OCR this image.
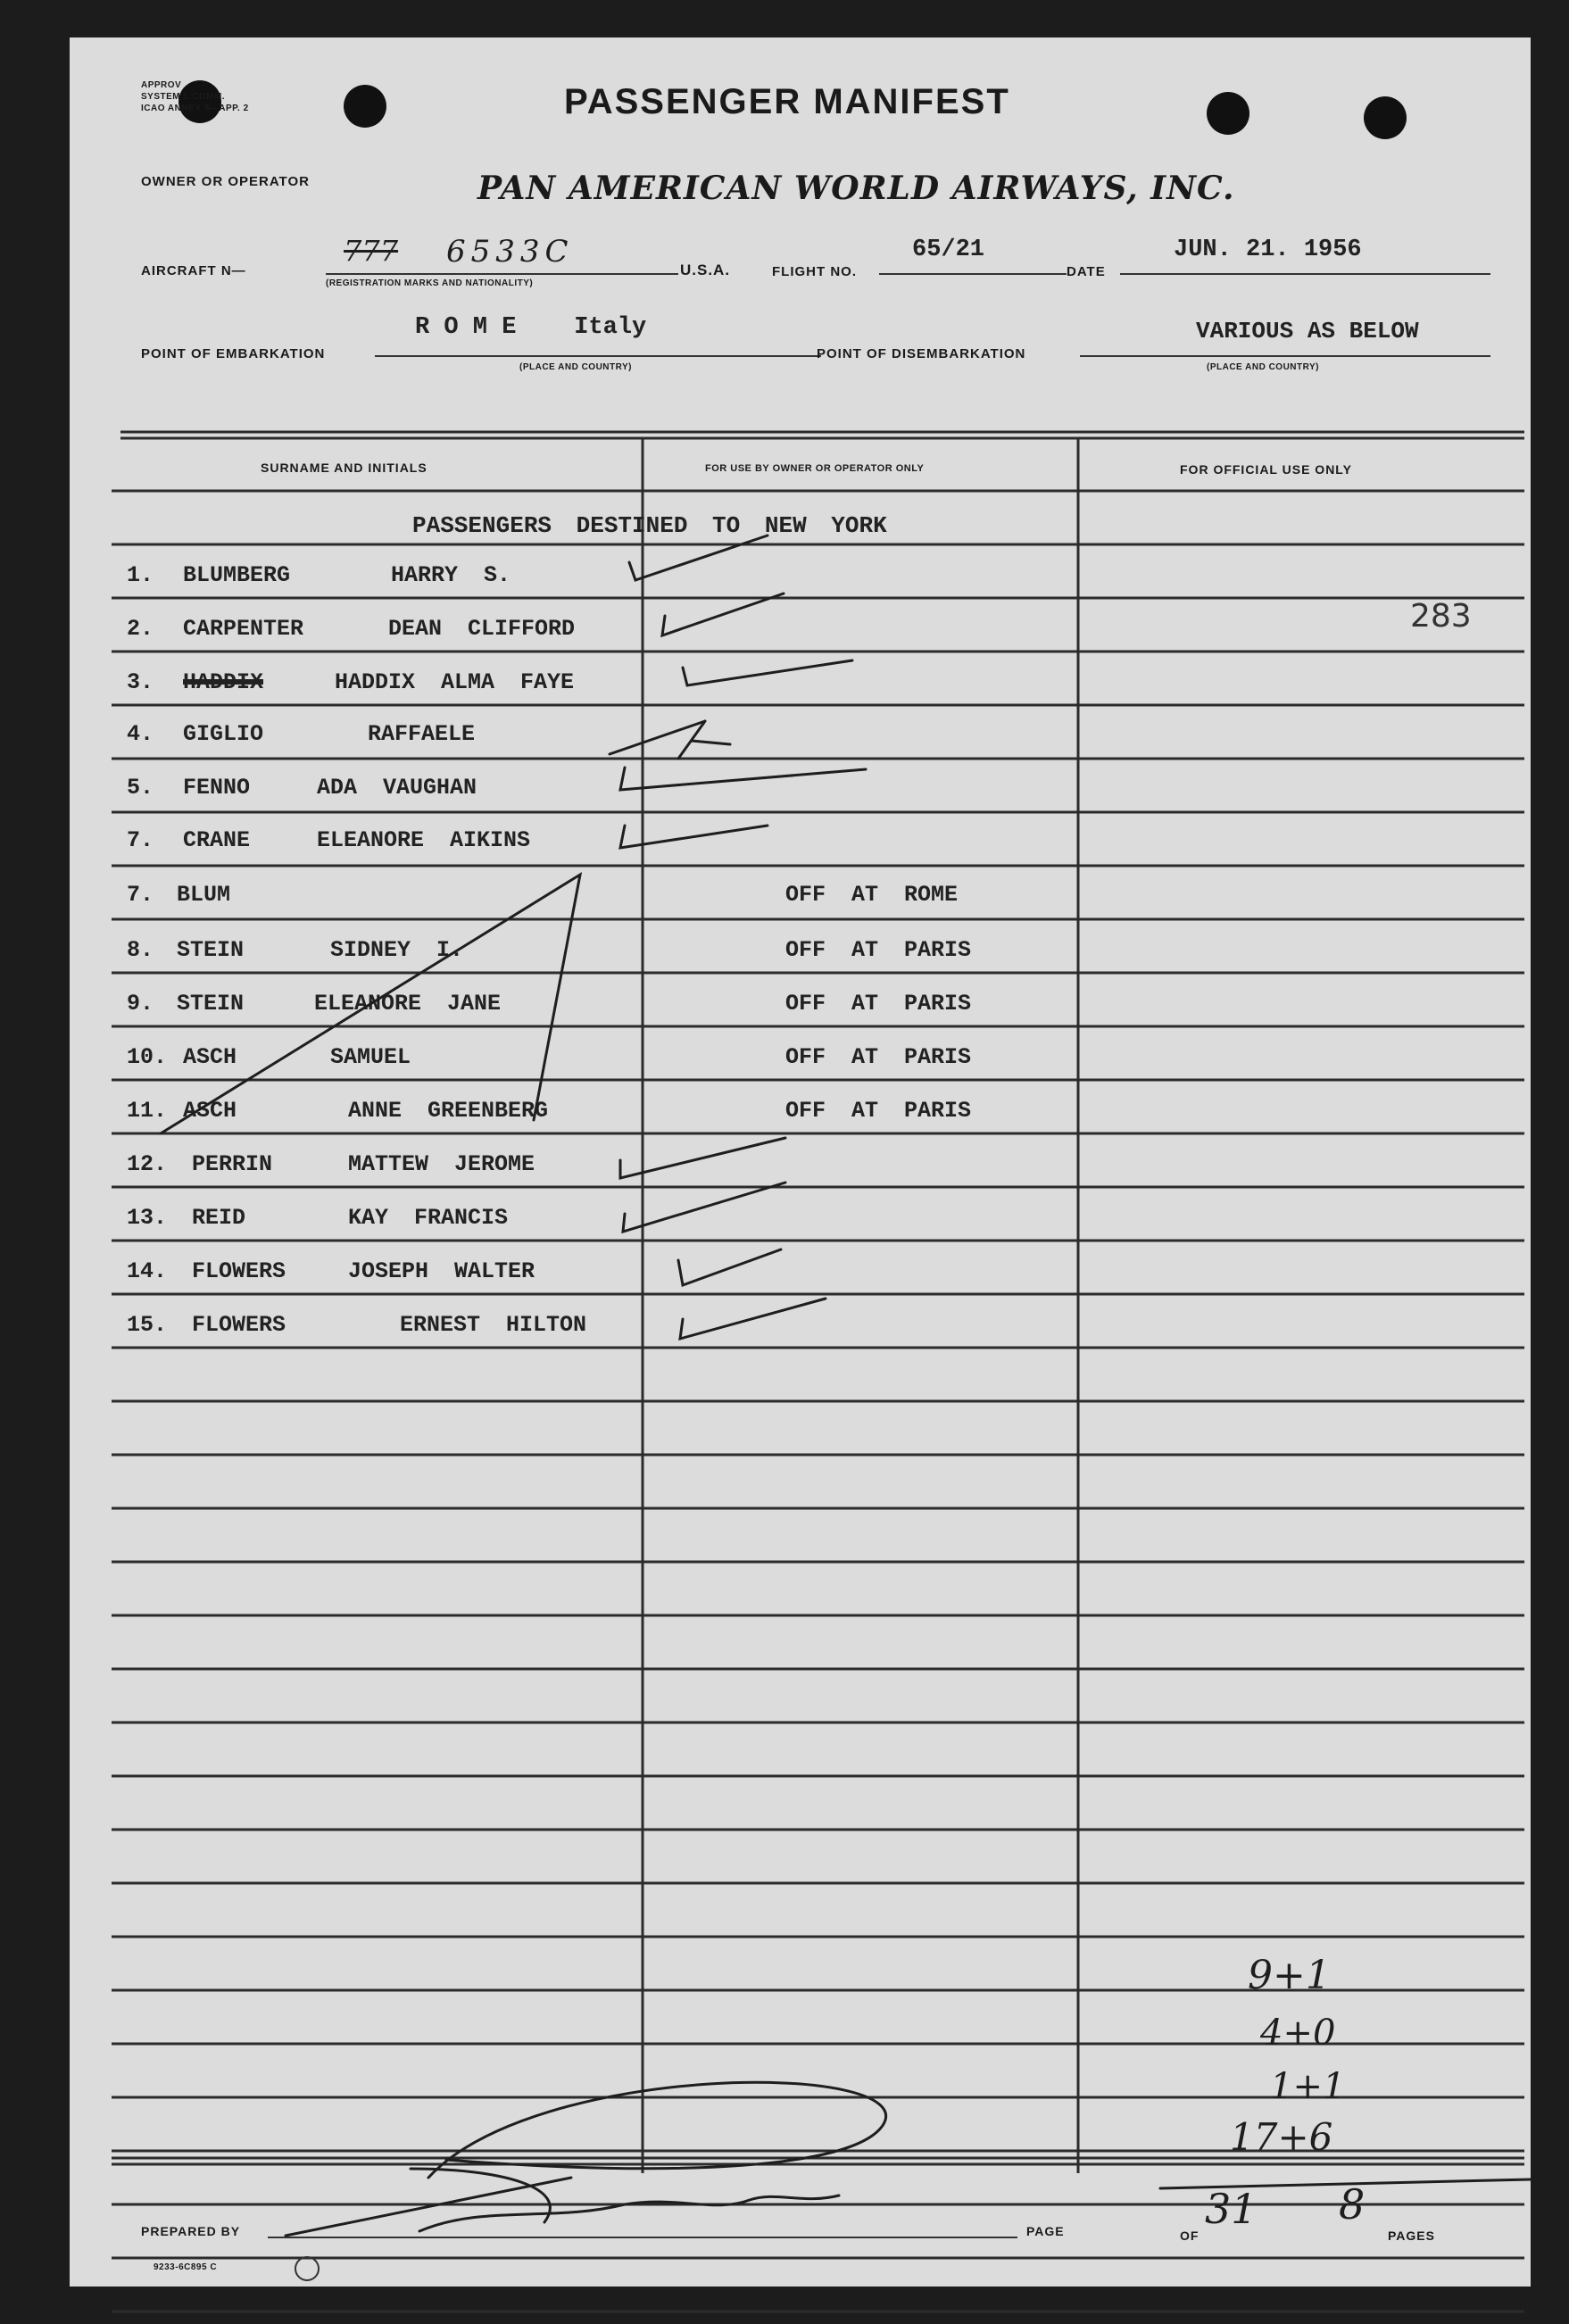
APPROV
SYSTEM L COMM.
ICAO ANNEX 9—APP. 2	PASSENGER MANIFEST
OWNER OR OPERATOR	PAN AMERICAN WORLD AIRWAYS, INC.
AIRCRAFT N—
777 6533C
(REGISTRATION MARKS AND NATIONALITY)
U.S.A.	FLIGHT NO.
65/21
DATE
JUN. 21. 1956
POINT OF EMBARKATION
R O M E    Italy
(PLACE AND COUNTRY)
POINT OF DISEMBARKATION
VARIOUS AS BELOW
(PLACE AND COUNTRY)
SURNAME AND INITIALS	FOR USE BY OWNER OR OPERATOR ONLY	FOR OFFICIAL USE ONLY
PASSENGERS DESTINED TO NEW YORK
1. BLUMBERG	HARRY S.
2. CARPENTER	DEAN CLIFFORD
3. HADDIX	HADDIX ALMA FAYE
4. GIGLIO	RAFFAELE
5. FENNO	ADA VAUGHAN
7. CRANE	ELEANORE AIKINS
7. BLUM	OFF AT ROME
8. STEIN	SIDNEY I.	OFF AT PARIS
9. STEIN	ELEANORE JANE	OFF AT PARIS
10. ASCH	SAMUEL	OFF AT PARIS
11. ASCH	ANNE GREENBERG	OFF AT PARIS
12. PERRIN	MATTEW JEROME
13. REID	KAY FRANCIS
14. FLOWERS	JOSEPH WALTER
15. FLOWERS	ERNEST HILTON
283
9+1
4+0
1+1
17+6
PREPARED BY	PAGE	31
OF
8
PAGES
9233-6C895 C
